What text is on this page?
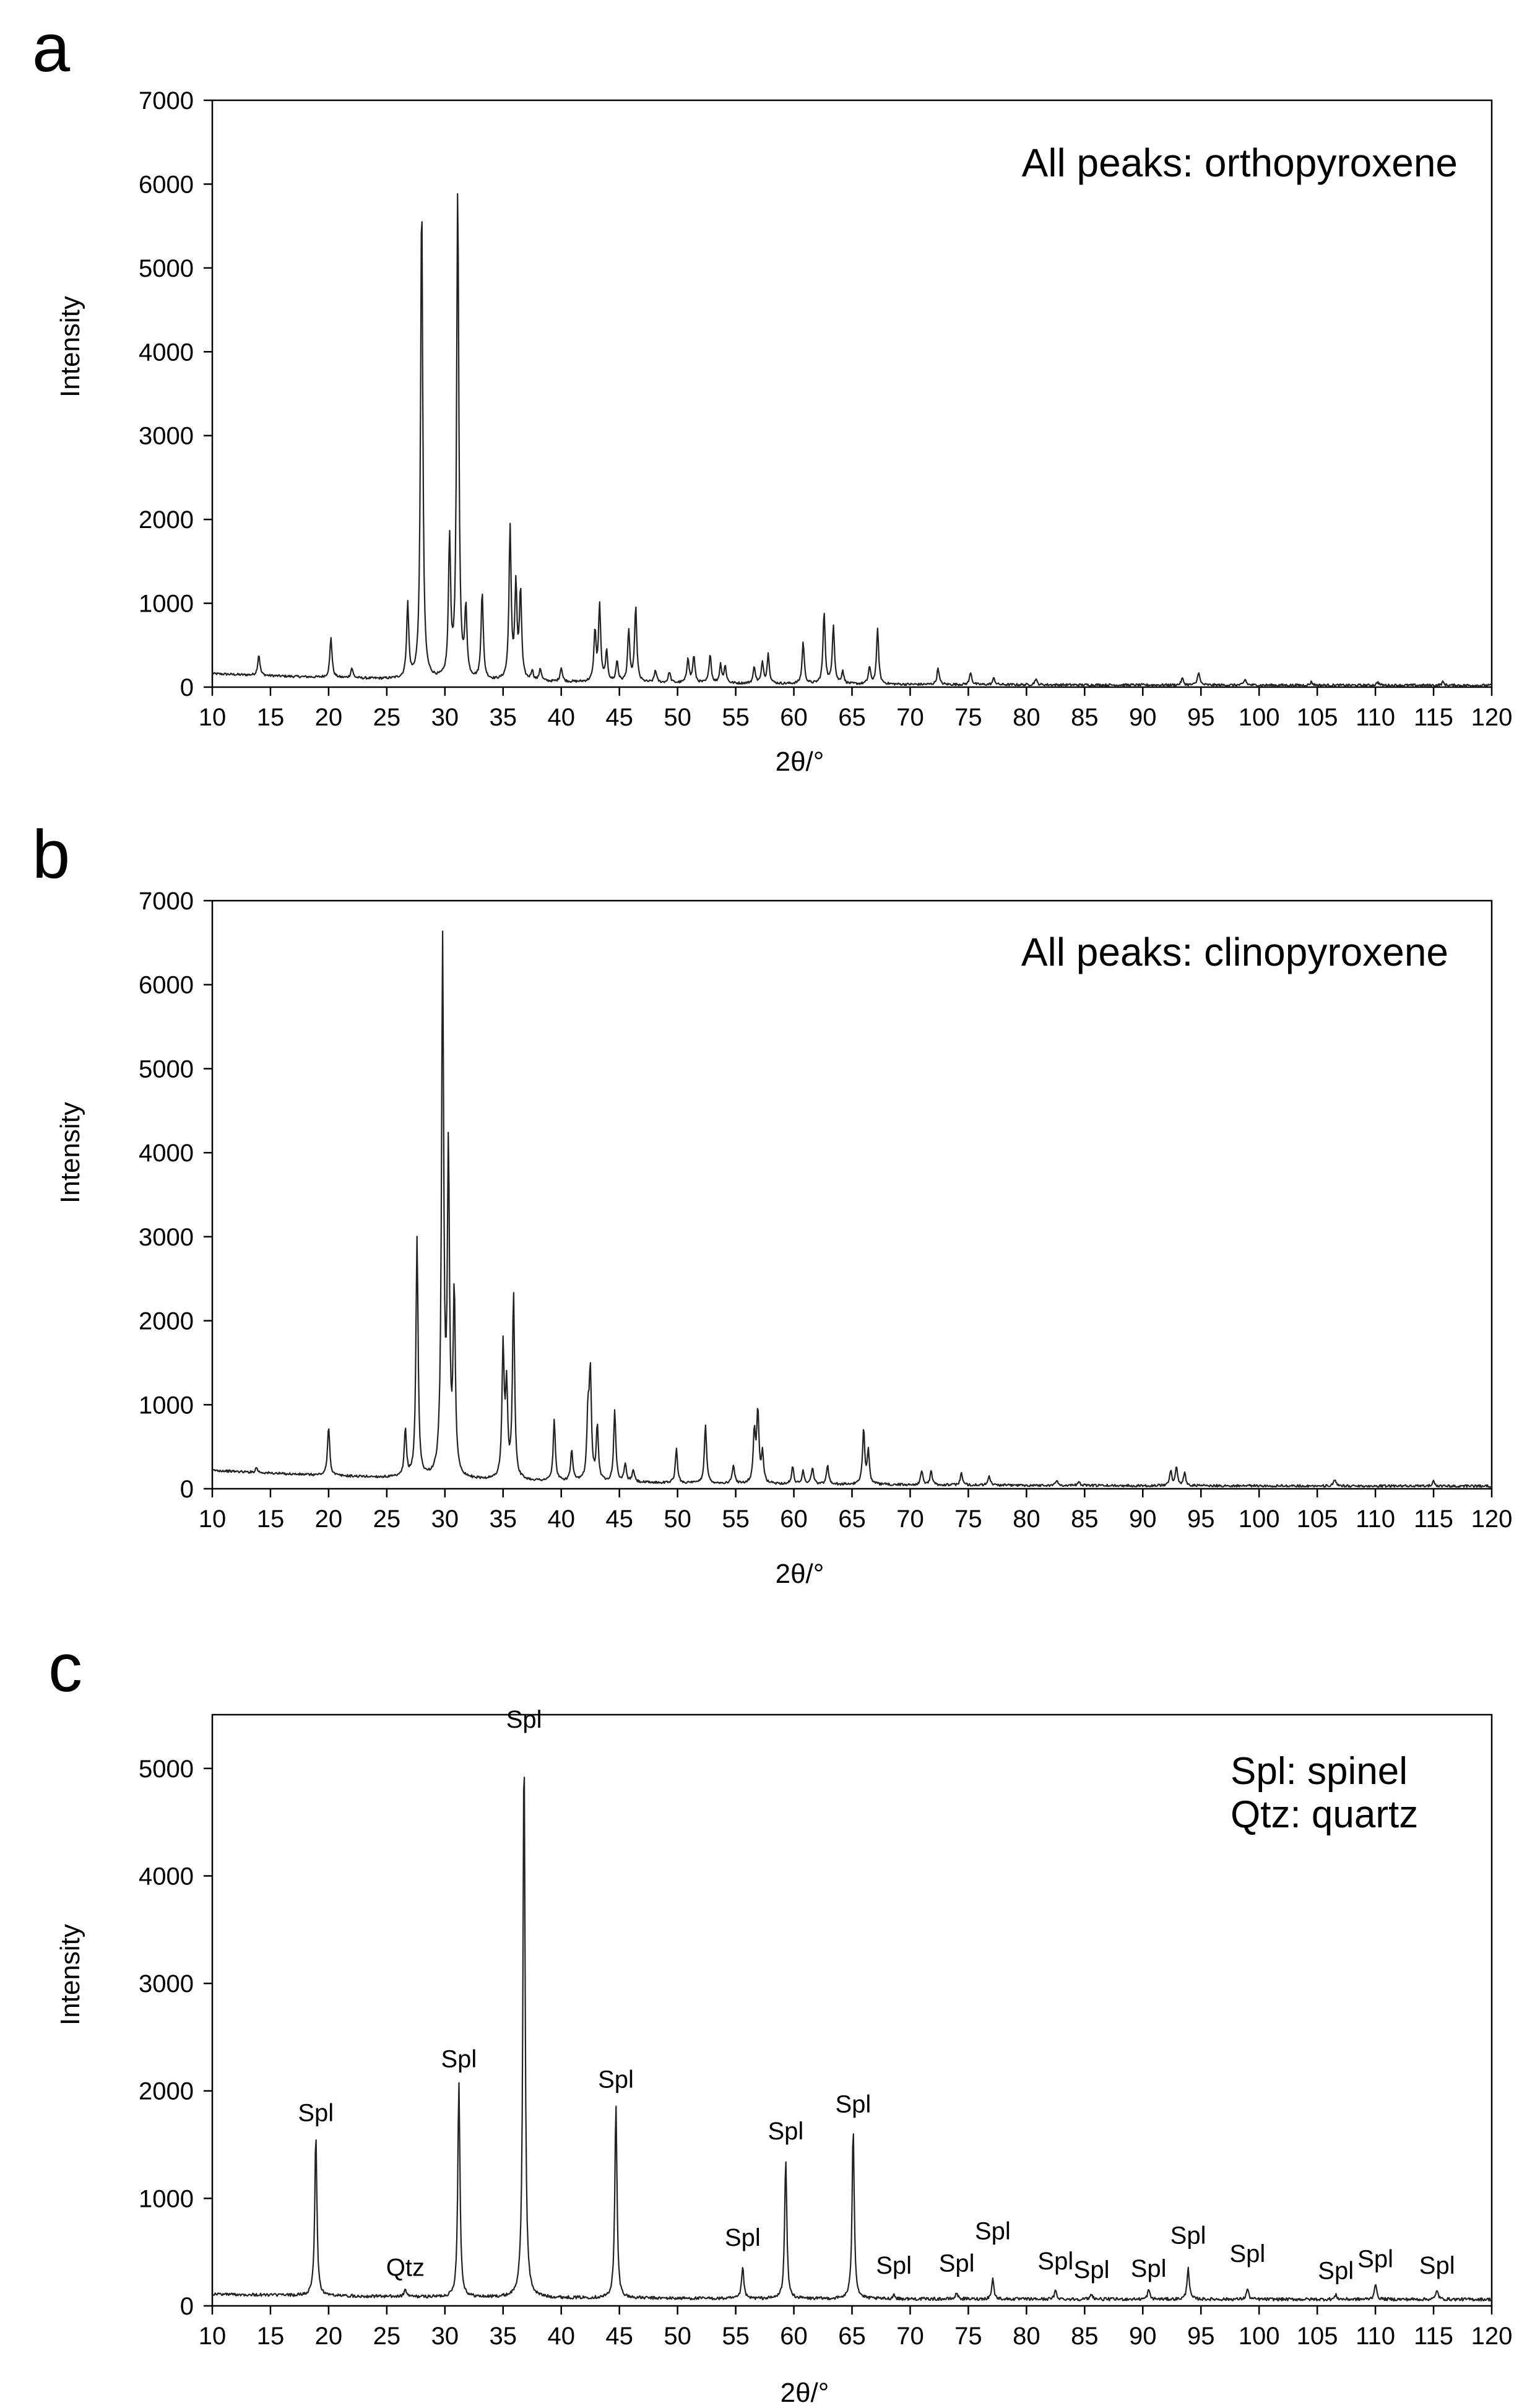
a
All peaks: orthopyroxene
2θ/°
Intensity
10 15 20 25 30 35 40 45 50 55 60 65 70 75 80 85 90 95 100 105 110 115 120
0
1000
2000
3000
4000
5000
6000
7000
b
All peaks: clinopyroxene
2θ/°
Intensity
10 15 20 25 30 35 40 45 50 55 60 65 70 75 80 85 90 95 100 105 110 115 120
0
1000
2000
3000
4000
5000
6000
7000
c
Spl: spinel
Qtz: quartz
2θ/°
Intensity
10 15 20 25 30 35 40 45 50 55 60 65 70 75 80 85 90 95 100 105 110 115 120
0
1000
2000
3000
4000
5000
Spl
Qtz
Spl
Spl
Spl
Spl
Spl
Spl
Spl Spl
Spl
Spl Spl Spl
Spl
Spl
Spl Spl Spl
